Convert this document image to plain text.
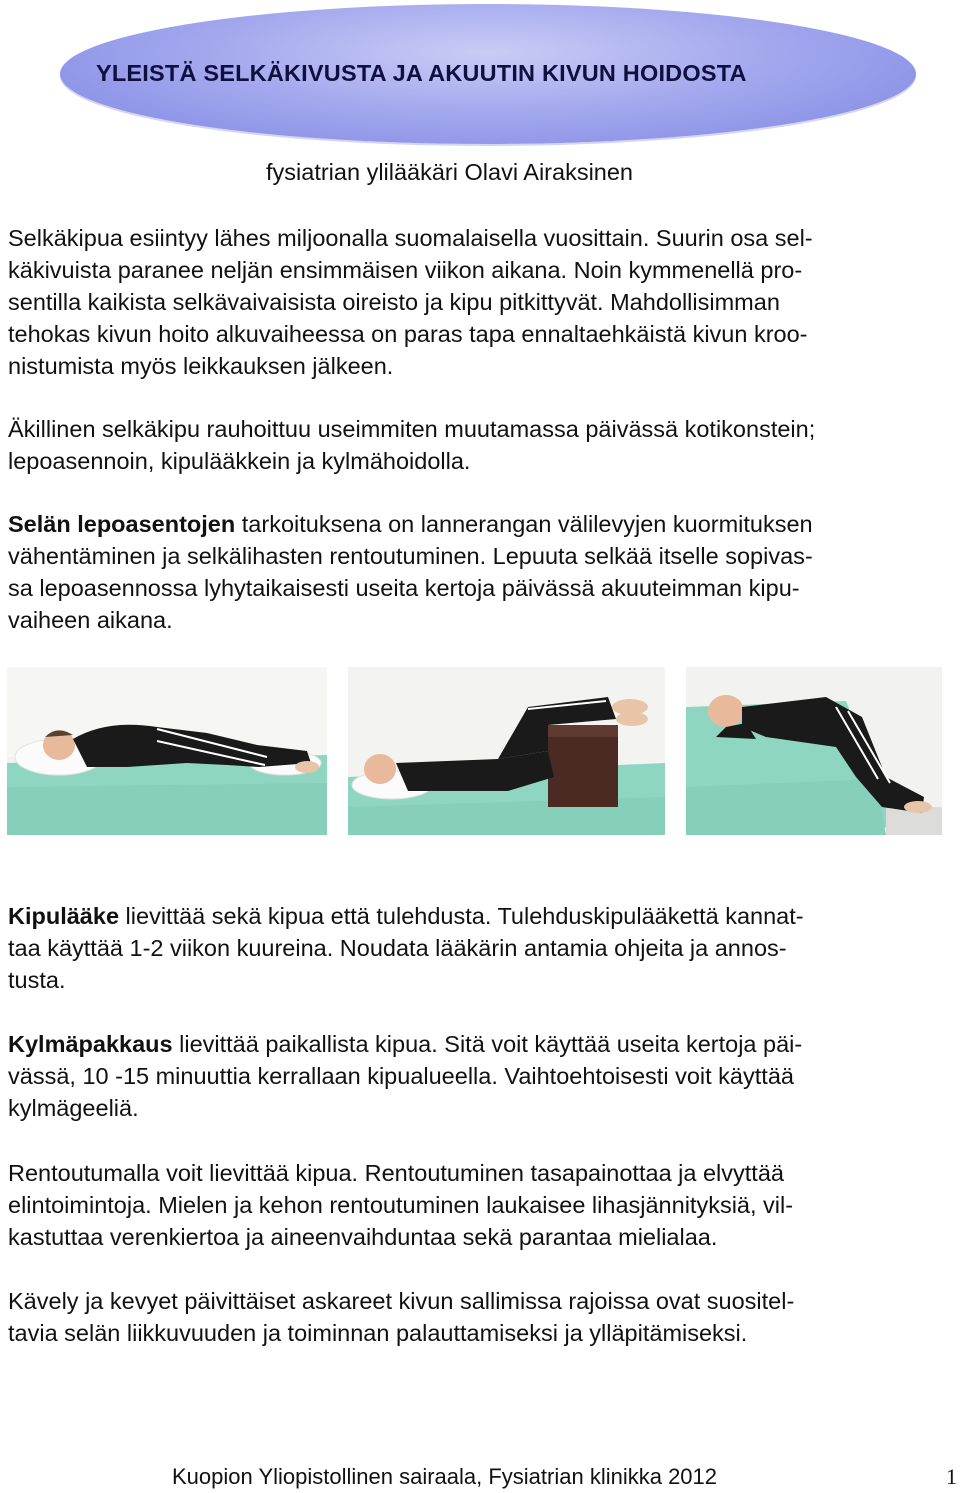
YLEISTÄ SELKÄKIVUSTA JA AKUUTIN KIVUN HOIDOSTA
fysiatrian ylilääkäri Olavi Airaksinen
Selkäkipua esiintyy lähes miljoonalla suomalaisella vuosittain. Suurin osa sel-
käkivuista paranee neljän ensimmäisen viikon aikana. Noin kymmenellä pro-
sentilla kaikista selkävaivaisista oireisto ja kipu pitkittyvät. Mahdollisimman
tehokas kivun hoito alkuvaiheessa on paras tapa ennaltaehkäistä kivun kroo-
nistumista myös leikkauksen jälkeen.
Äkillinen selkäkipu rauhoittuu useimmiten muutamassa päivässä kotikonstein;
lepoasennoin, kipulääkkein ja kylmähoidolla.
Selän lepoasentojen tarkoituksena on lannerangan välilevyjen kuormituksen
vähentäminen ja selkälihasten rentoutuminen. Lepuuta selkää itselle sopivas-
sa lepoasennossa lyhytaikaisesti useita kertoja päivässä akuuteimman kipu-
vaiheen aikana.
Kipulääke lievittää sekä kipua että tulehdusta. Tulehduskipulääkettä kannat-
taa käyttää 1-2 viikon kuureina. Noudata lääkärin antamia ohjeita ja annos-
tusta.
Kylmäpakkaus lievittää paikallista kipua. Sitä voit käyttää useita kertoja päi-
vässä, 10 -15 minuuttia kerrallaan kipualueella. Vaihtoehtoisesti voit käyttää
kylmägeeliä.
Rentoutumalla voit lievittää kipua. Rentoutuminen tasapainottaa ja elvyttää
elintoimintoja. Mielen ja kehon rentoutuminen laukaisee lihasjännityksiä, vil-
kastuttaa verenkiertoa ja aineenvaihduntaa sekä parantaa mielialaa.
Kävely ja kevyet päivittäiset askareet kivun sallimissa rajoissa ovat suositel-
tavia selän liikkuvuuden ja toiminnan palauttamiseksi ja ylläpitämiseksi.
Kuopion Yliopistollinen sairaala, Fysiatrian klinikka 2012	1
